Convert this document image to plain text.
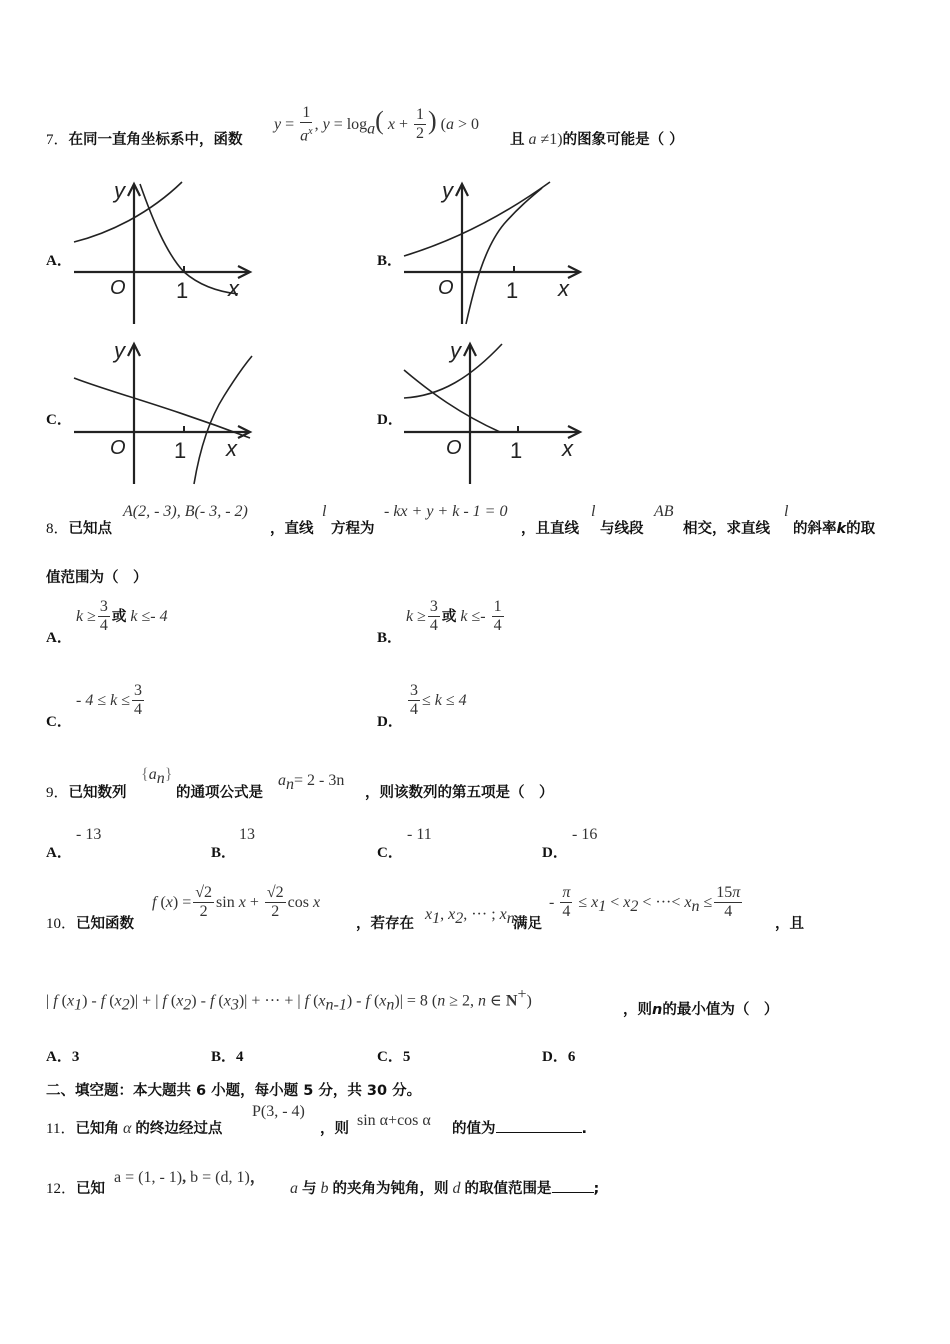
7．在同一直角坐标系中，函数
$y = \frac{1}{a^x}$ , $y = \log_a$( $x + \frac{1}{2}$ ) (a > 0
且 a ≠1)的图象可能是（ ）
A．	B．
C．	D．
y
O 1 x
y
O 1 x
y
O 1 x
y
O 1 x
8．已知点
A(2, - 3), B(- 3, - 2)
，直线
l
方程为
- kx + y + k - 1 = 0
，且直线
l
与线段
AB
相交，求直线
l
的斜率k的取
值范围为（　）
A．
$k \ge \frac{3}{4}$ 或 k ≤- 4
B．
$k \ge \frac{3}{4}$ 或 $k \le- \frac{1}{4}$
C．
- $4 \le k \le \frac{3}{4}$
D．
$\frac{3}{4} \le k \le 4$
9．已知数列
$\{a_n\}$
的通项公式是
$a_n= 2 - 3n$
，则该数列的第五项是（　）
A．
- 13
B．
13
C．
- 11
D．
- 16
10．已知函数
f $(x) = \frac{√2}{2}$ $\sin x + \frac{√2}{2}$ cos x
，若存在
$x_1$, $x_2$, ··· ; $x_n$
满足
- $\frac{\pi}{4} \le x_1 < x_2$ < ···< $x_n \le \frac{15\pi}{4}$
，且
| f $(x_1)$ - f $(x_2)|$ + | f $(x_2)$ - f $(x_3)|$ + ··· + | f $(x_{n-1})$ - f $(x_n)| = 8$ (n ≥ 2, n ∈ N+)
，则n的最小值为（　）
A．3	B．4	C．5	D．6
二、填空题：本大题共 6 小题，每小题 5 分，共 30 分。
11．已知角 α 的终边经过点
P(3, - 4)
，则 sin α+cos α 的值为	.
12．已知
a = (1, - 1), b = (d, 1)，
a 与 b 的夹角为钝角，则 d 的取值范围是	;
